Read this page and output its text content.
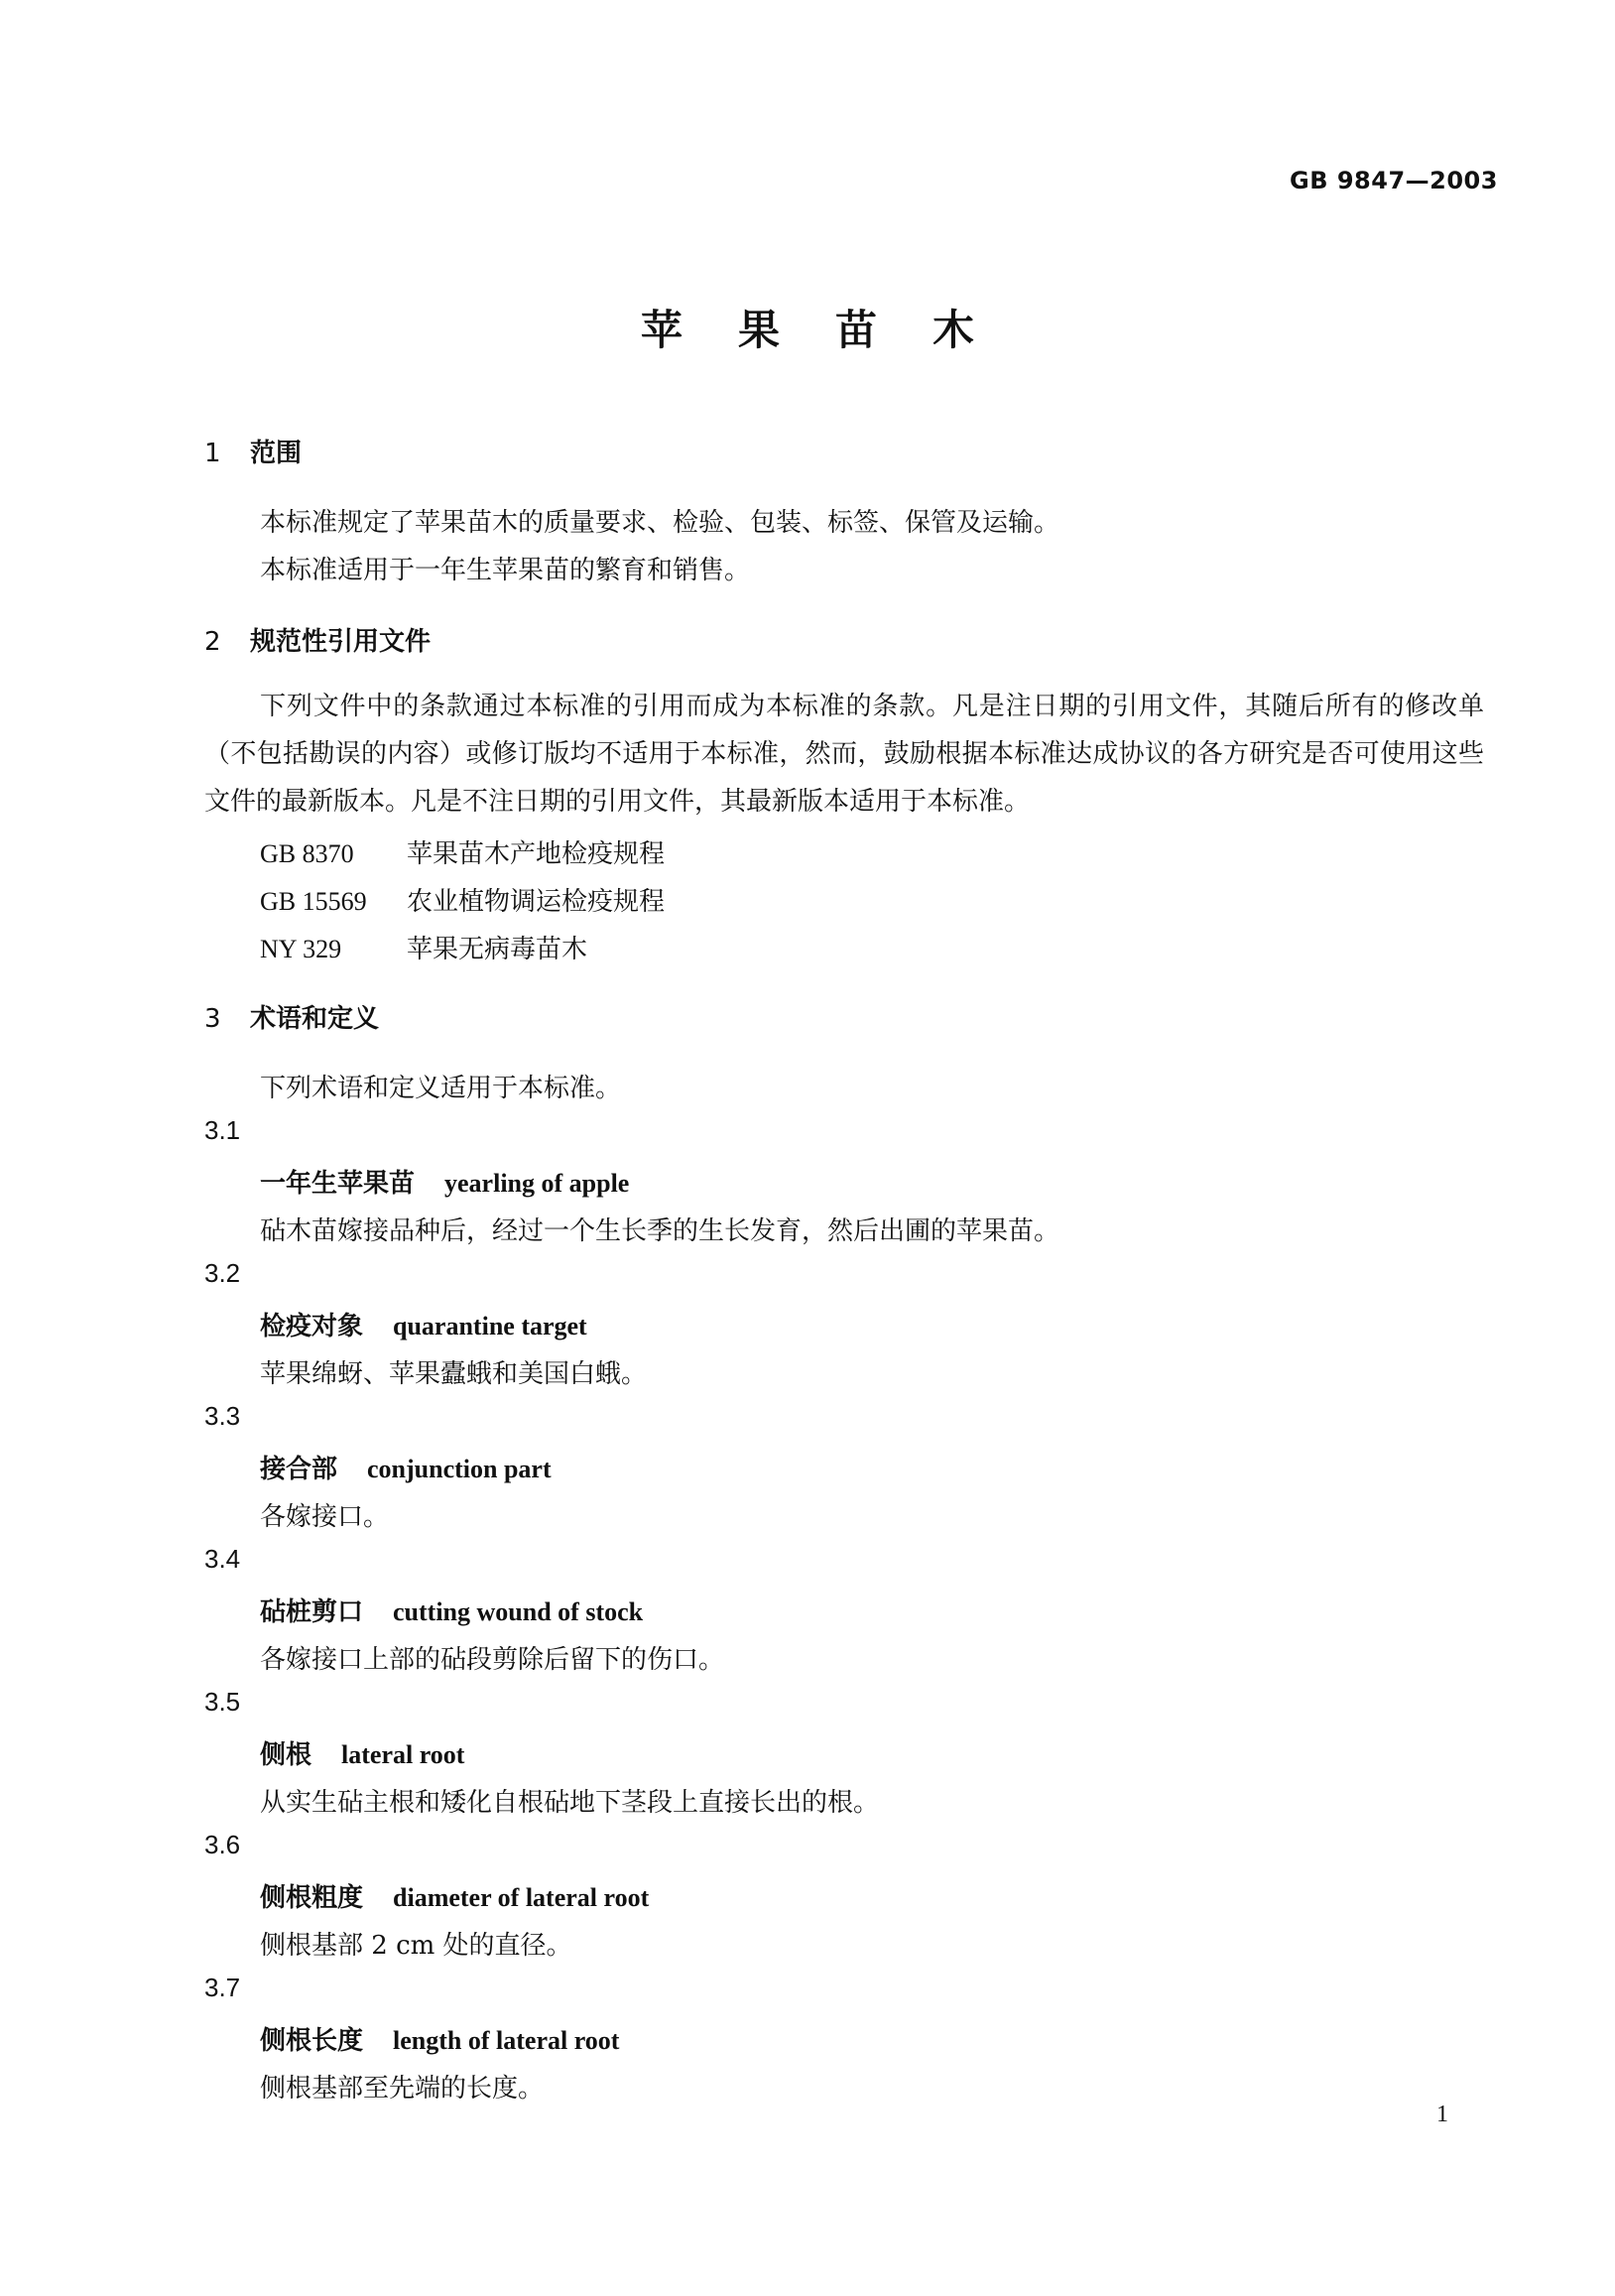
GB 9847—2003
苹果苗木
1 范围
本标准规定了苹果苗木的质量要求、检验、包装、标签、保管及运输。
本标准适用于一年生苹果苗的繁育和销售。
2 规范性引用文件
下列文件中的条款通过本标准的引用而成为本标准的条款。凡是注日期的引用文件，其随后所有的修改单（不包括勘误的内容）或修订版均不适用于本标准，然而，鼓励根据本标准达成协议的各方研究是否可使用这些文件的最新版本。凡是不注日期的引用文件，其最新版本适用于本标准。
GB 8370 苹果苗木产地检疫规程
GB 15569 农业植物调运检疫规程
NY 329	苹果无病毒苗木
3 术语和定义
下列术语和定义适用于本标准。
3.1
一年生苹果苗 yearling of apple
砧木苗嫁接品种后，经过一个生长季的生长发育，然后出圃的苹果苗。
3.2
检疫对象 quarantine target
苹果绵蚜、苹果蠹蛾和美国白蛾。
3.3
接合部 conjunction part
各嫁接口。
3.4
砧桩剪口 cutting wound of stock
各嫁接口上部的砧段剪除后留下的伤口。
3.5
侧根 lateral root
从实生砧主根和矮化自根砧地下茎段上直接长出的根。
3.6
侧根粗度 diameter of lateral root
侧根基部 2 cm 处的直径。
3.7
侧根长度 length of lateral root
侧根基部至先端的长度。
1
